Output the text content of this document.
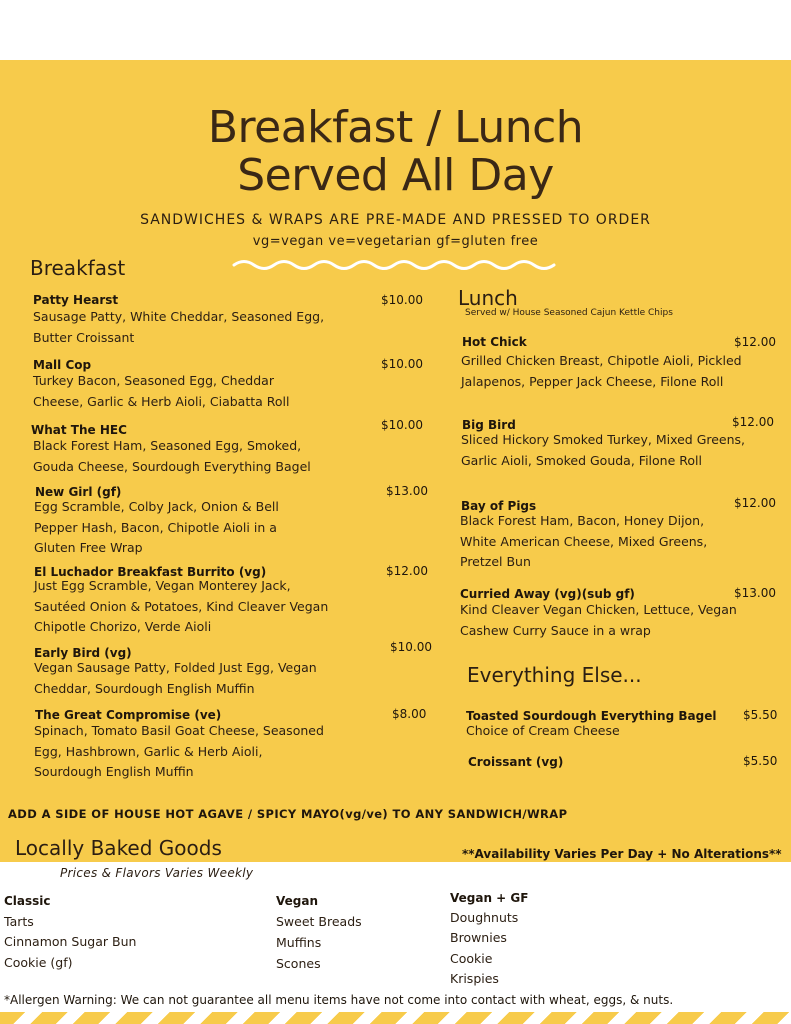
Breakfast / Lunch
Served All Day
SANDWICHES & WRAPS ARE PRE-MADE AND PRESSED TO ORDER
vg=vegan ve=vegetarian gf=gluten free
Breakfast
Patty Hearst	$10.00
Sausage Patty, White Cheddar, Seasoned Egg, Butter Croissant
Mall Cop	$10.00
Turkey Bacon, Seasoned Egg, Cheddar Cheese, Garlic & Herb Aioli, Ciabatta Roll
What The HEC	$10.00
Black Forest Ham, Seasoned Egg, Smoked, Gouda Cheese, Sourdough Everything Bagel
New Girl (gf)	$13.00
Egg Scramble, Colby Jack, Onion & Bell Pepper Hash, Bacon, Chipotle Aioli in a Gluten Free Wrap
El Luchador Breakfast Burrito (vg)	$12.00
Just Egg Scramble, Vegan Monterey Jack, Sautéed Onion & Potatoes, Kind Cleaver Vegan Chipotle Chorizo, Verde Aioli
Early Bird (vg)	$10.00
Vegan Sausage Patty, Folded Just Egg, Vegan Cheddar, Sourdough English Muffin
The Great Compromise (ve)	$8.00
Spinach, Tomato Basil Goat Cheese, Seasoned Egg, Hashbrown, Garlic & Herb Aioli, Sourdough English Muffin
Lunch
Served w/ House Seasoned Cajun Kettle Chips
Hot Chick	$12.00
Grilled Chicken Breast, Chipotle Aioli, Pickled Jalapenos, Pepper Jack Cheese, Filone Roll
Big Bird	$12.00
Sliced Hickory Smoked Turkey, Mixed Greens, Garlic Aioli, Smoked Gouda, Filone Roll
Bay of Pigs	$12.00
Black Forest Ham, Bacon, Honey Dijon, White American Cheese, Mixed Greens, Pretzel Bun
Curried Away (vg)(sub gf)	$13.00
Kind Cleaver Vegan Chicken, Lettuce, Vegan Cashew Curry Sauce in a wrap
Everything Else...
Toasted Sourdough Everything Bagel $5.50
Choice of Cream Cheese
Croissant (vg)	$5.50
ADD A SIDE OF HOUSE HOT AGAVE / SPICY MAYO(vg/ve) TO ANY SANDWICH/WRAP
Locally Baked Goods	**Availability Varies Per Day + No Alterations**
Prices & Flavors Varies Weekly
Classic
Tarts
Cinnamon Sugar Bun
Cookie (gf)
Vegan
Sweet Breads
Muffins
Scones
Vegan + GF
Doughnuts
Brownies
Cookie
Krispies
*Allergen Warning: We can not guarantee all menu items have not come into contact with wheat, eggs, & nuts.
